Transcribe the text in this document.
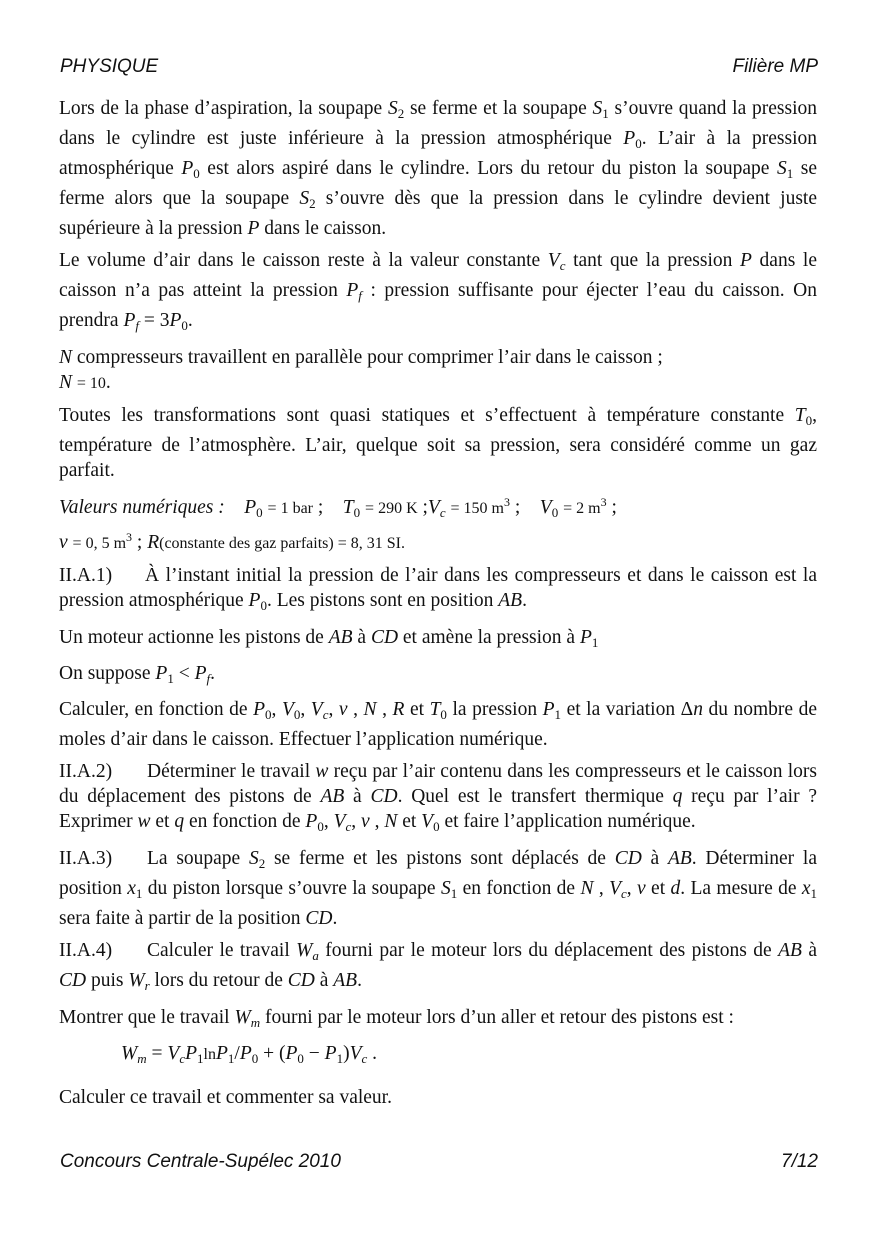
PHYSIQUE	Filière MP

Lors de la phase d’aspiration, la soupape $S_2$ se ferme et la soupape $S_1$ s’ouvre quand la pression dans le cylindre est juste inférieure à la pression atmosphérique $P_0$. L’air à la pression atmosphérique $P_0$ est alors aspiré dans le cylindre. Lors du retour du piston la soupape $S_1$ se ferme alors que la soupape $S_2$ s’ouvre dès que la pression dans le cylindre devient juste supérieure à la pression P dans le caisson.

Le volume d’air dans le caisson reste à la valeur constante $V_c$ tant que la pression P dans le caisson n’a pas atteint la pression $P_f$ : pression suffisante pour éjecter l’eau du caisson. On prendra $P_f = 3P_0$.

N compresseurs travaillent en parallèle pour comprimer l’air dans le caisson ;
N = 10.

Toutes les transformations sont quasi statiques et s’effectuent à température constante $T_0$, température de l’atmosphère. L’air, quelque soit sa pression, sera considéré comme un gaz parfait.

Valeurs numériques : $P_0 = 1$ bar ;    $T_0 = 290$ K $;V_c = 150$ $m^3$ ;    $V_0 = 2$ $m^3$ ;
v = 0, 5 $m^3$ ; R(constante des gaz parfaits) = 8, 31 SI.

II.A.1) À l’instant initial la pression de l’air dans les compresseurs et dans le caisson est la pression atmosphérique $P_0$. Les pistons sont en position AB.

Un moteur actionne les pistons de AB à CD et amène la pression à $P_1$

On suppose $P_1 < P_f$.

Calculer, en fonction de $P_0$, $V_0$, $V_c$, v , N , R et $T_0$ la pression $P_1$ et la variation Δn du nombre de moles d’air dans le caisson. Effectuer l’application numérique.

II.A.2) Déterminer le travail w reçu par l’air contenu dans les compresseurs et le caisson lors du déplacement des pistons de AB à CD. Quel est le transfert thermique q reçu par l’air ? Exprimer w et q en fonction de $P_0$, $V_c$, v , N et $V_0$ et faire l’application numérique.

II.A.3) La soupape $S_2$ se ferme et les pistons sont déplacés de CD à AB. Déterminer la position $x_1$ du piston lorsque s’ouvre la soupape $S_1$ en fonction de N , $V_c$, v et d. La mesure de $x_1$ sera faite à partir de la position CD.

II.A.4) Calculer le travail $W_a$ fourni par le moteur lors du déplacement des pistons de AB à CD puis $W_r$ lors du retour de CD à AB.

Montrer que le travail $W_m$ fourni par le moteur lors d’un aller et retour des pistons est :

$W_m = V_cP_1\ln P_1/P_0 + (P_0 - P_1)V_c$ .

Calculer ce travail et commenter sa valeur.

Concours Centrale-Supélec 2010	7/12
